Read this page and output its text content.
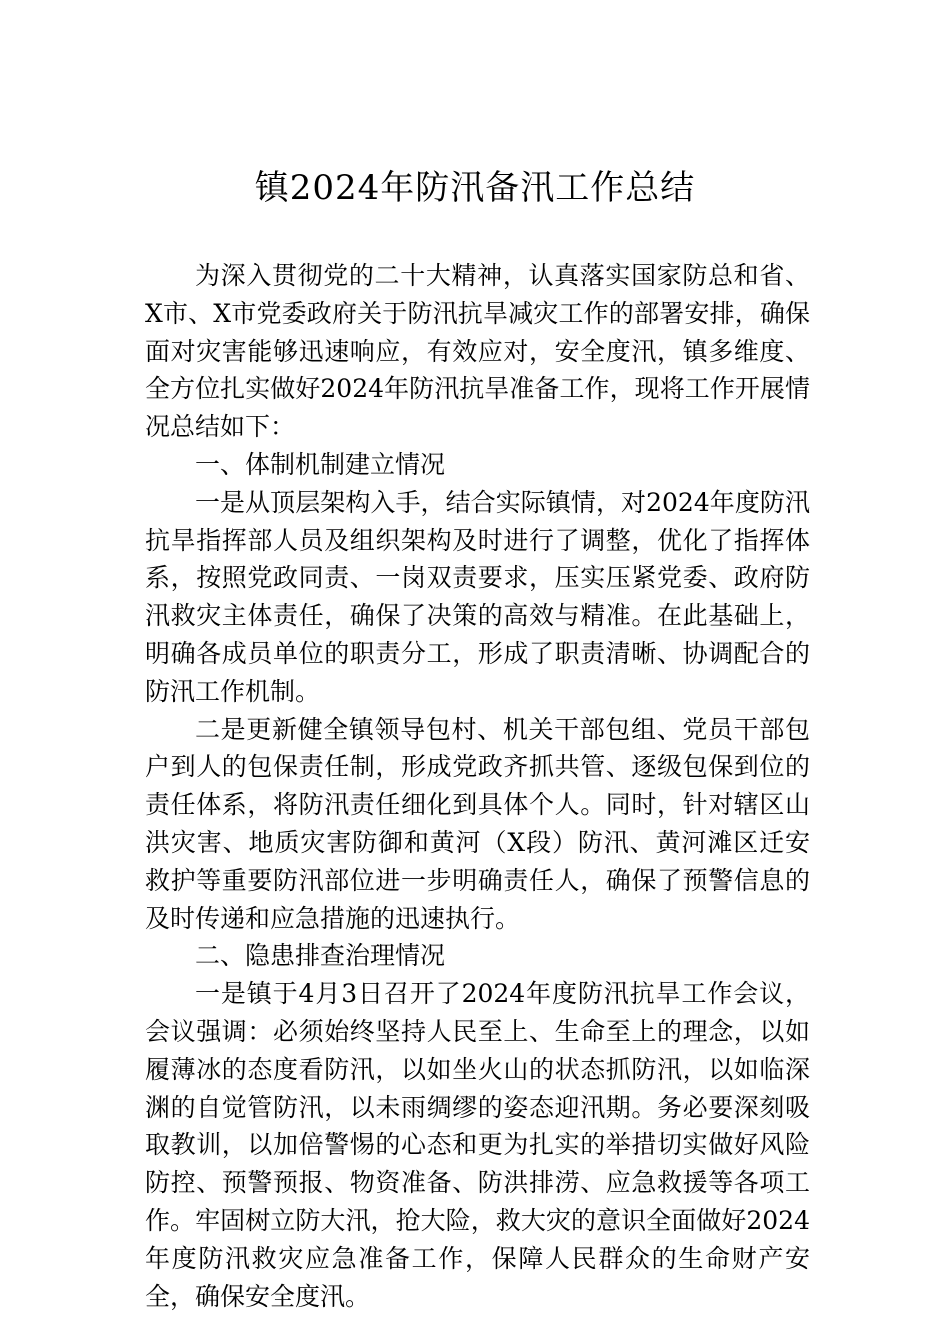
镇2024年防汛备汛工作总结

为深入贯彻党的二十大精神，认真落实国家防总和省、X市、X市党委政府关于防汛抗旱减灾工作的部署安排，确保面对灾害能够迅速响应，有效应对，安全度汛，镇多维度、全方位扎实做好2024年防汛抗旱准备工作，现将工作开展情况总结如下：

一、体制机制建立情况

一是从顶层架构入手，结合实际镇情，对2024年度防汛抗旱指挥部人员及组织架构及时进行了调整，优化了指挥体系，按照党政同责、一岗双责要求，压实压紧党委、政府防汛救灾主体责任，确保了决策的高效与精准。在此基础上，明确各成员单位的职责分工，形成了职责清晰、协调配合的防汛工作机制。

二是更新健全镇领导包村、机关干部包组、党员干部包户到人的包保责任制，形成党政齐抓共管、逐级包保到位的责任体系，将防汛责任细化到具体个人。同时，针对辖区山洪灾害、地质灾害防御和黄河（X段）防汛、黄河滩区迁安救护等重要防汛部位进一步明确责任人，确保了预警信息的及时传递和应急措施的迅速执行。

二、隐患排查治理情况

一是镇于4月3日召开了2024年度防汛抗旱工作会议，会议强调：必须始终坚持人民至上、生命至上的理念，以如履薄冰的态度看防汛，以如坐火山的状态抓防汛，以如临深渊的自觉管防汛，以未雨绸缪的姿态迎汛期。务必要深刻吸取教训，以加倍警惕的心态和更为扎实的举措切实做好风险防控、预警预报、物资准备、防洪排涝、应急救援等各项工作。牢固树立防大汛，抢大险，救大灾的意识全面做好2024年度防汛救灾应急准备工作，保障人民群众的生命财产安全，确保安全度汛。
